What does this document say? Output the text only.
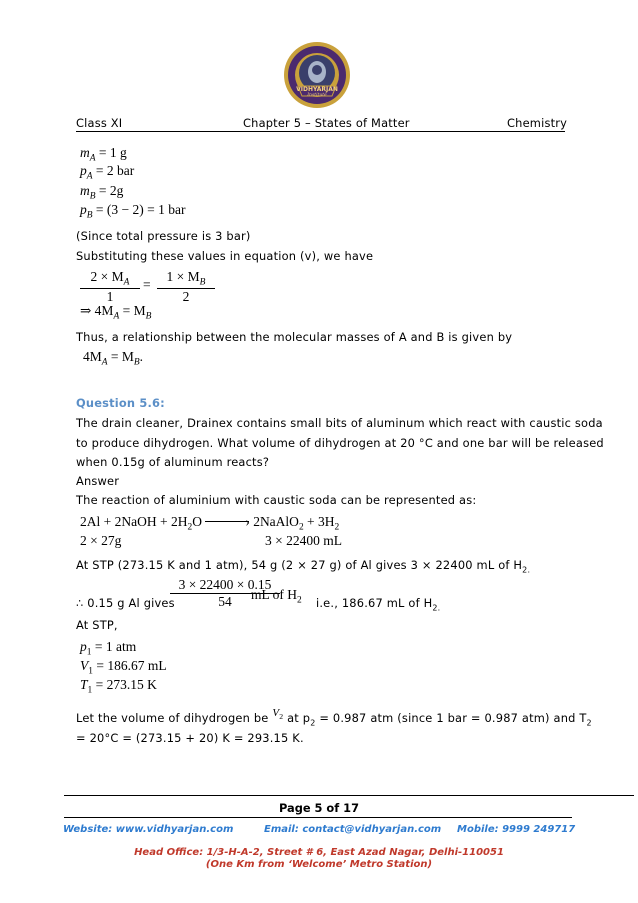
VIDHYARJAN
Institute
Class XI	Chapter 5 – States of Matter	Chemistry
$m_A = 1$ g
$p_A = 2$ bar
$m_B = 2g$
$p_B = (3 - 2) = 1$ bar
(Since total pressure is 3 bar)
Substituting these values in equation (v), we have
$\frac{2 \times M_A}{1} = \frac{1 \times M_B}{2}$
⇒ $4M_A = M_B$
Thus, a relationship between the molecular masses of A and B is given by
$4M_A = M_B$.
Question 5.6:
The drain cleaner, Drainex contains small bits of aluminum which react with caustic soda
to produce dihydrogen. What volume of dihydrogen at 20 °C and one bar will be released
when 0.15g of aluminum reacts?
Answer
The reaction of aluminium with caustic soda can be represented as:
2Al + 2NaOH + $2H_2O$	› 2NaAlO$_2$ + $3H_2$
2 × 27g	3 × 22400 mL
At STP (273.15 K and 1 atm), 54 g (2 × 27 g) of Al gives 3 × 22400 mL of $H_{2.}$
∴ 0.15 g Al gives
$\frac{3 \times 22400 \times 0.15}{54}$
mL of $H_2$ i.e., 186.67 mL of $H_{2.}$
At STP,
$p_1 = 1$ atm
$V_1 = 186.67$ mL
$T_1 = 273.15$ K
Let the volume of dihydrogen be $V_2$ at $p_2 = 0.987$ atm (since 1 bar = 0.987 atm) and $T_2$
= 20°C = (273.15 + 20) K = 293.15 K.
Page 5 of 17
Website: www.vidhyarjan.com	Email: contact@vidhyarjan.com Mobile: 9999 249717
Head Office: 1/3-H-A-2, Street # 6, East Azad Nagar, Delhi-110051
(One Km from ‘Welcome’ Metro Station)
